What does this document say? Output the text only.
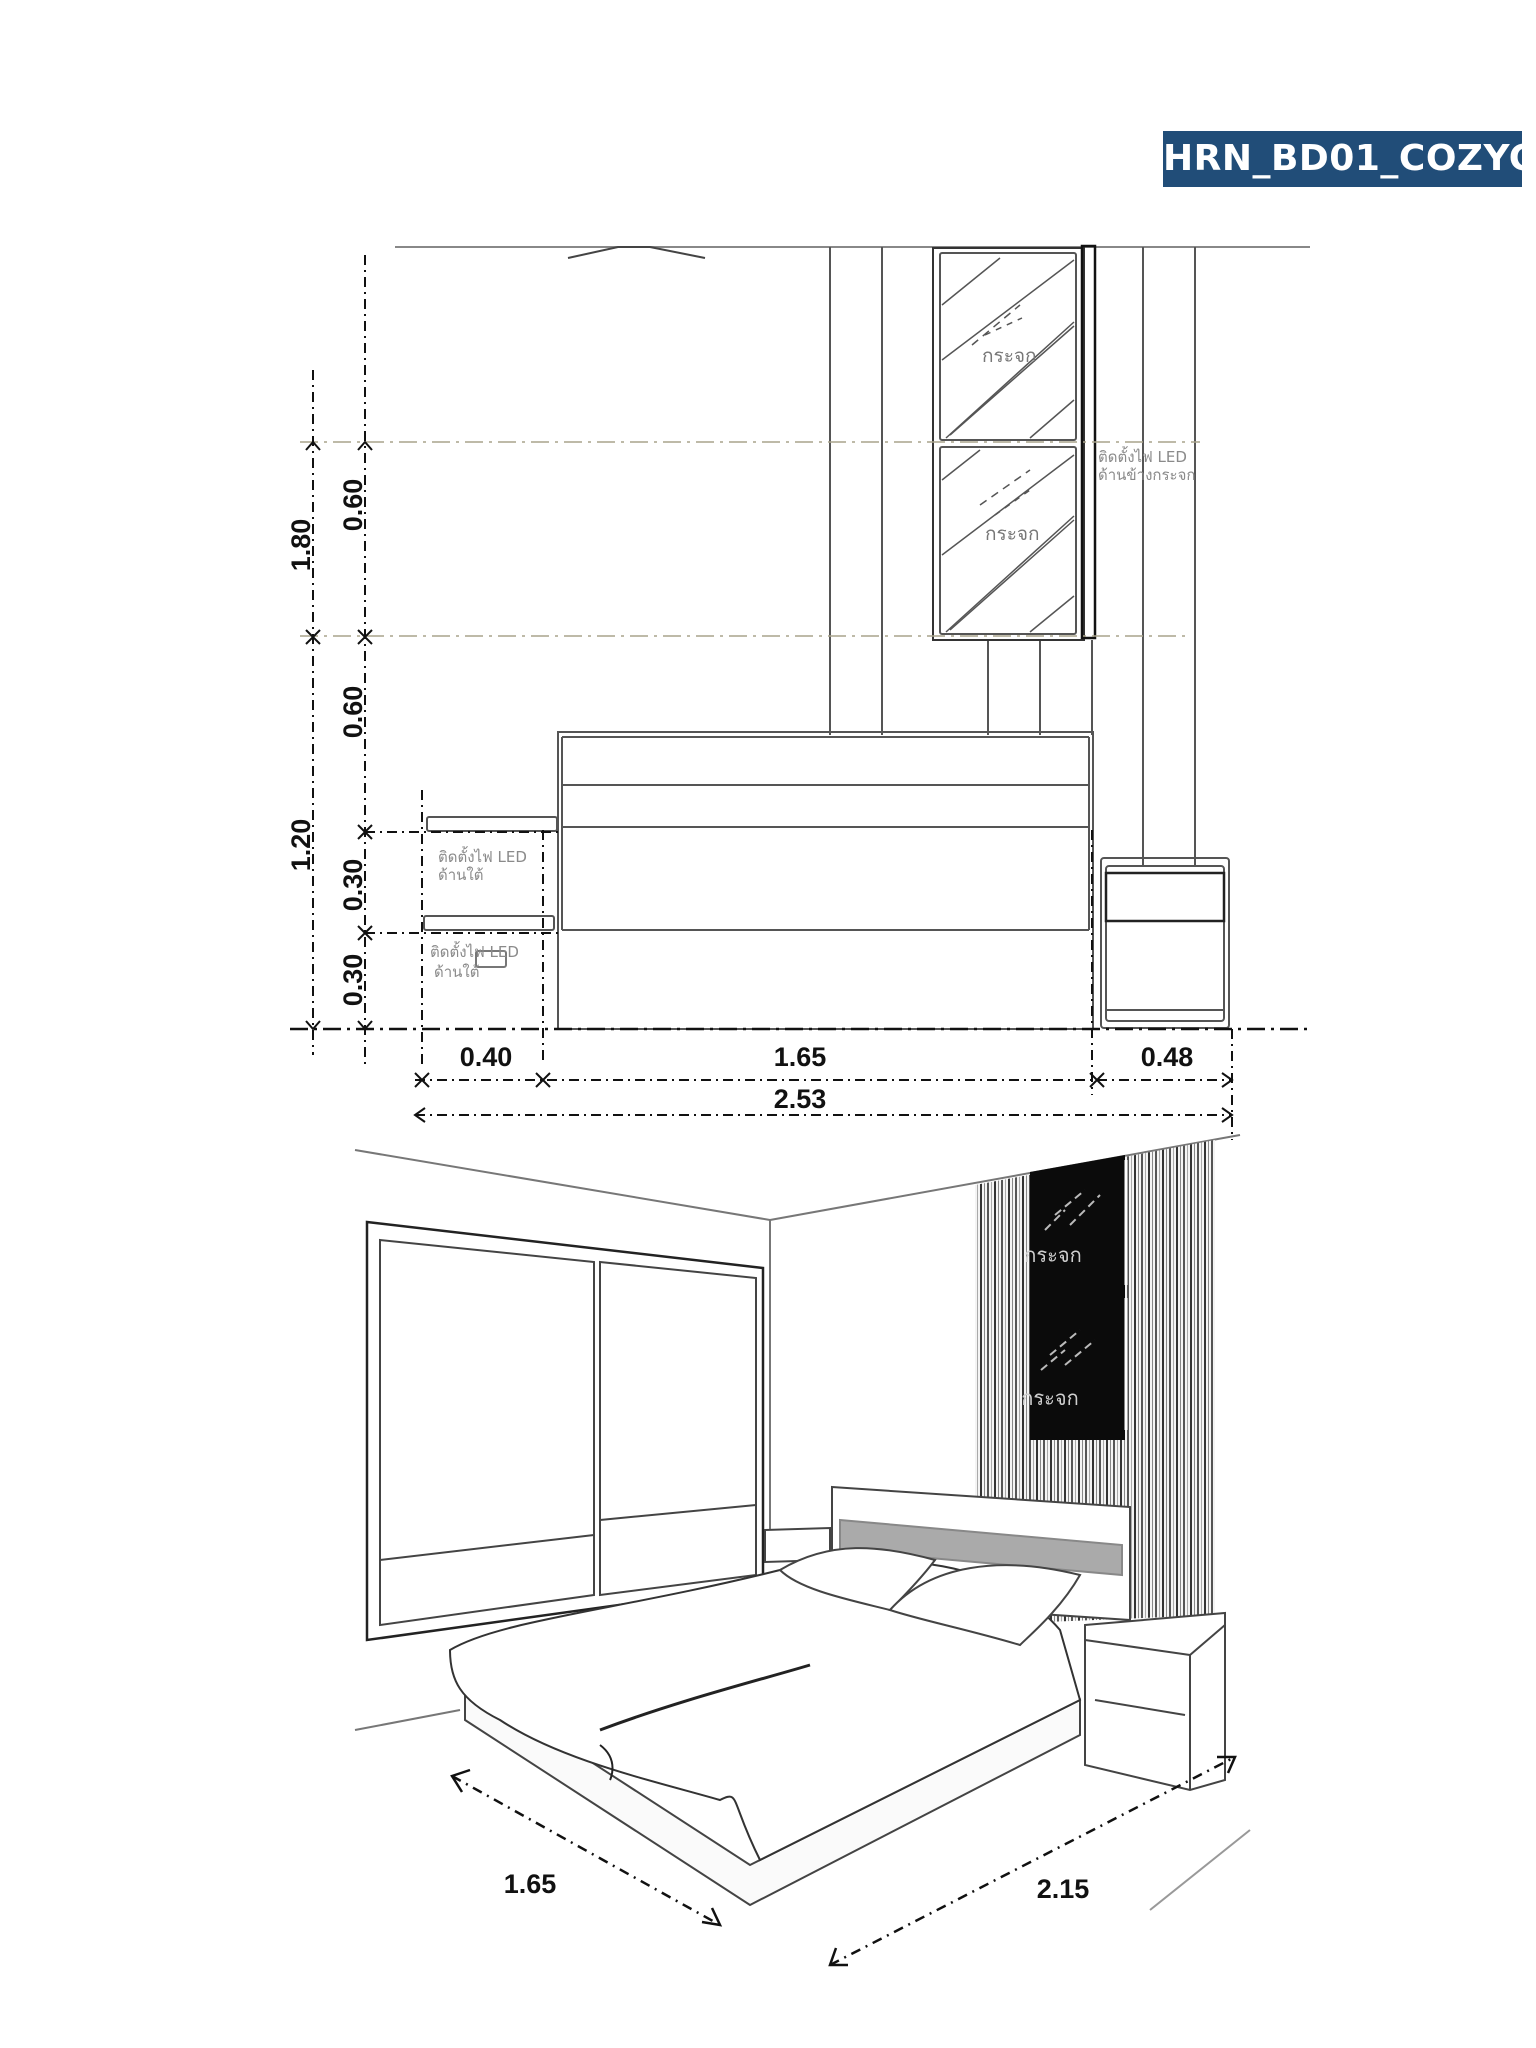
HRN_BD01_COZYC
กระจก
กระจก
ติดตั้งไฟ LED
ด้านข้างกระจก
ติดตั้งไฟ LED
ด้านใต้
ติดตั้งไฟ LED
ด้านใต้
1.80
1.20
0.60
0.60
0.30
0.30
0.40	1.65	0.48
2.53
กระจก
กระจก
1.65	2.15
